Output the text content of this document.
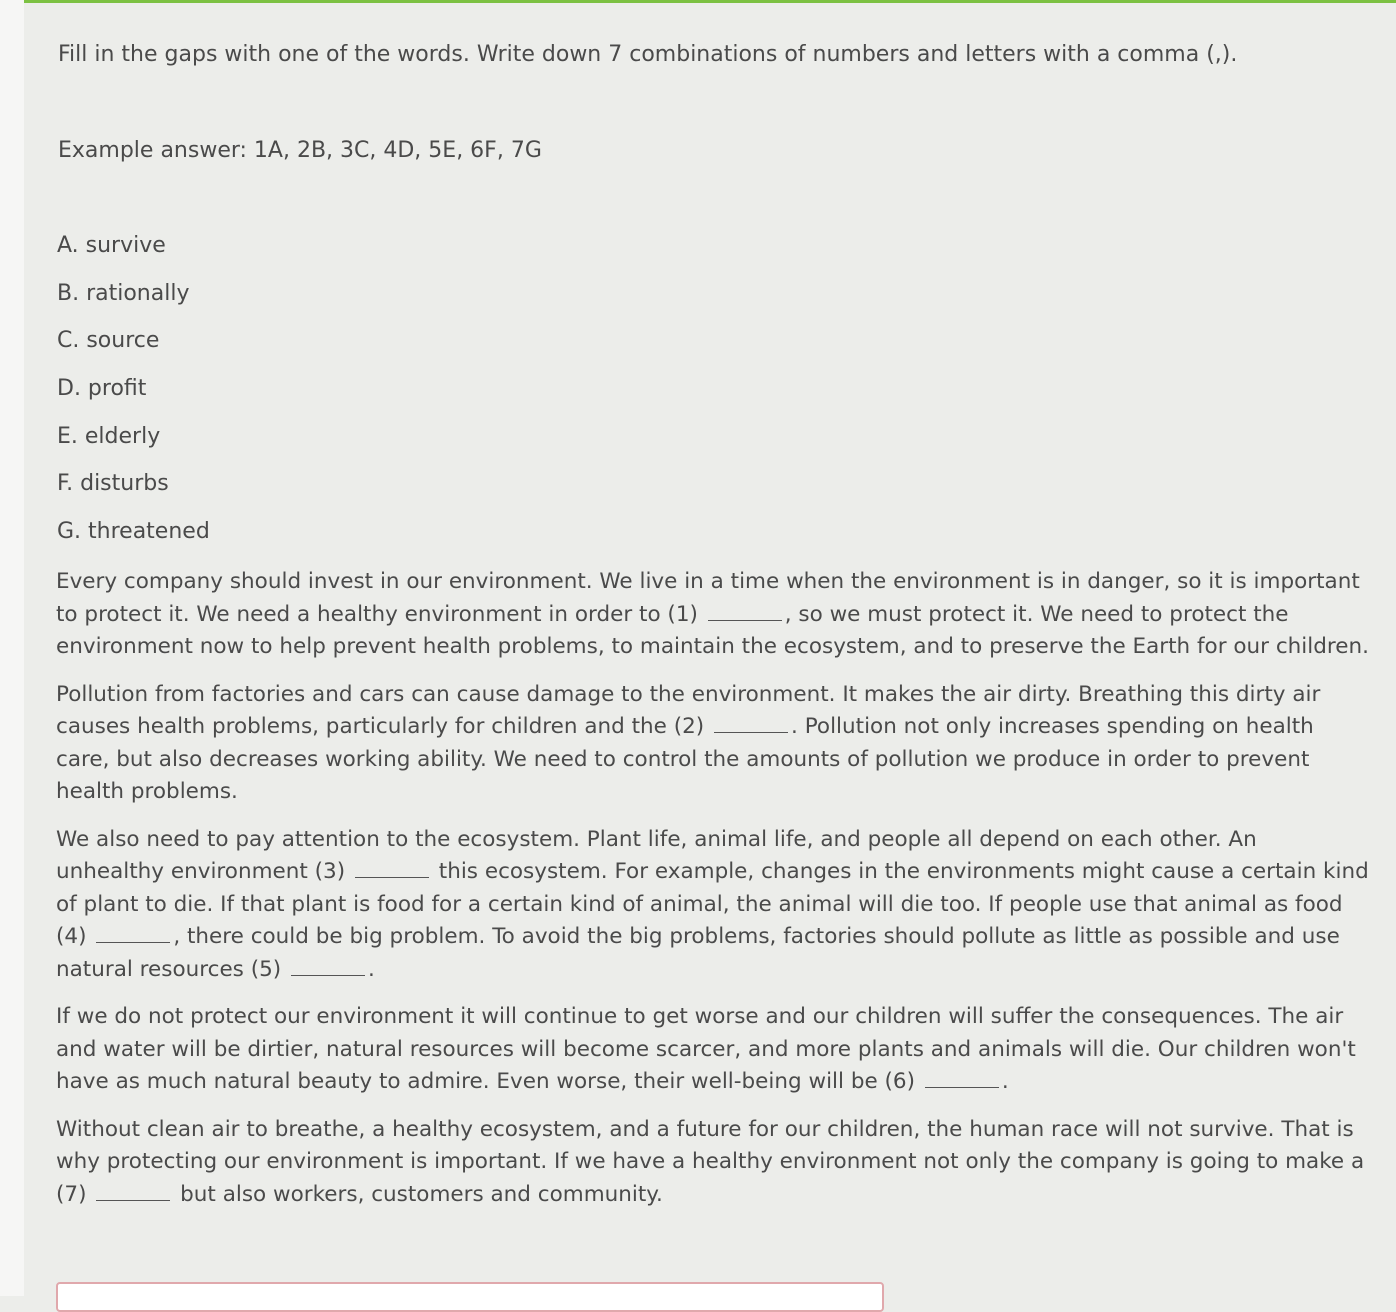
Fill in the gaps with one of the words. Write down 7 combinations of numbers and letters with a comma (,).

Example answer: 1A, 2B, 3C, 4D, 5E, 6F, 7G

A. survive
B. rationally
C. source
D. profit
E. elderly
F. disturbs
G. threatened

Every company should invest in our environment. We live in a time when the environment is in danger, so it is important to protect it. We need a healthy environment in order to (1)	, so we must protect it. We need to protect the environment now to help prevent health problems, to maintain the ecosystem, and to preserve the Earth for our children.

Pollution from factories and cars can cause damage to the environment. It makes the air dirty. Breathing this dirty air causes health problems, particularly for children and the (2)	. Pollution not only increases spending on health care, but also decreases working ability. We need to control the amounts of pollution we produce in order to prevent health problems.

We also need to pay attention to the ecosystem. Plant life, animal life, and people all depend on each other. An unhealthy environment (3)	this ecosystem. For example, changes in the environments might cause a certain kind of plant to die. If that plant is food for a certain kind of animal, the animal will die too. If people use that animal as food (4)	, there could be big problem. To avoid the big problems, factories should pollute as little as possible and use natural resources (5)	.

If we do not protect our environment it will continue to get worse and our children will suffer the consequences. The air and water will be dirtier, natural resources will become scarcer, and more plants and animals will die. Our children won't have as much natural beauty to admire. Even worse, their well-being will be (6)	.

Without clean air to breathe, a healthy ecosystem, and a future for our children, the human race will not survive. That is why protecting our environment is important. If we have a healthy environment not only the company is going to make a (7)	but also workers, customers and community.
